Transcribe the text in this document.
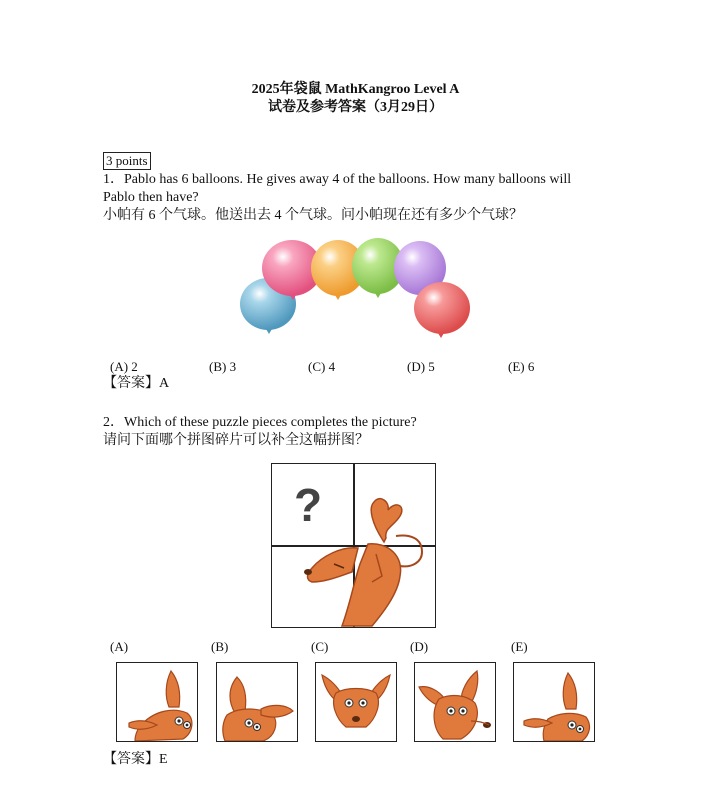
2025年袋鼠 MathKangroo Level A
试卷及参考答案（3月29日）
3 points
1．Pablo has 6 balloons. He gives away 4 of the balloons. How many balloons will
Pablo then have?
小帕有 6 个气球。他送出去 4 个气球。问小帕现在还有多少个气球？
(A) 2	(B) 3	(C) 4	(D) 5	(E) 6
【答案】A
2．Which of these puzzle pieces completes the picture?
请问下面哪个拼图碎片可以补全这幅拼图？
?
(A)	(B)	(C)	(D)	(E)
【答案】E
